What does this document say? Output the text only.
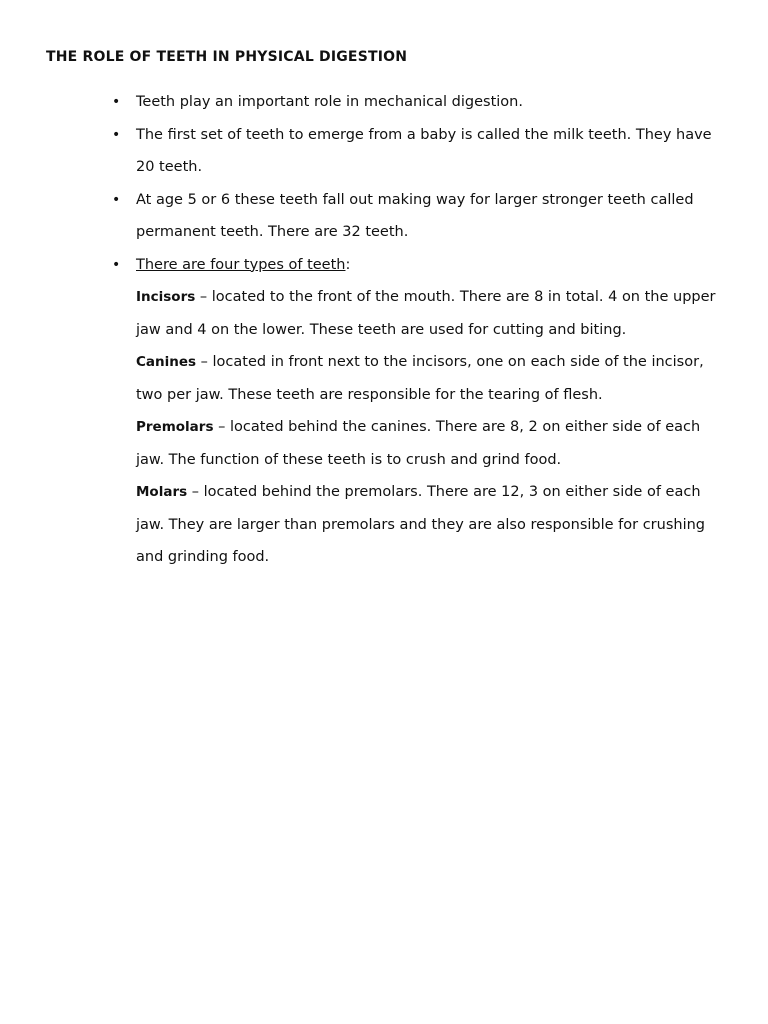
THE ROLE OF TEETH IN PHYSICAL DIGESTION
• Teeth play an important role in mechanical digestion.
• The first set of teeth to emerge from a baby is called the milk teeth. They have 20 teeth.
• At age 5 or 6 these teeth fall out making way for larger stronger teeth called permanent teeth. There are 32 teeth.
• There are four types of teeth:

Incisors – located to the front of the mouth. There are 8 in total. 4 on the upper jaw and 4 on the lower. These teeth are used for cutting and biting.

Canines – located in front next to the incisors, one on each side of the incisor, two per jaw. These teeth are responsible for the tearing of flesh.

Premolars – located behind the canines. There are 8, 2 on either side of each jaw. The function of these teeth is to crush and grind food.

Molars – located behind the premolars. There are 12, 3 on either side of each jaw. They are larger than premolars and they are also responsible for crushing and grinding food.
